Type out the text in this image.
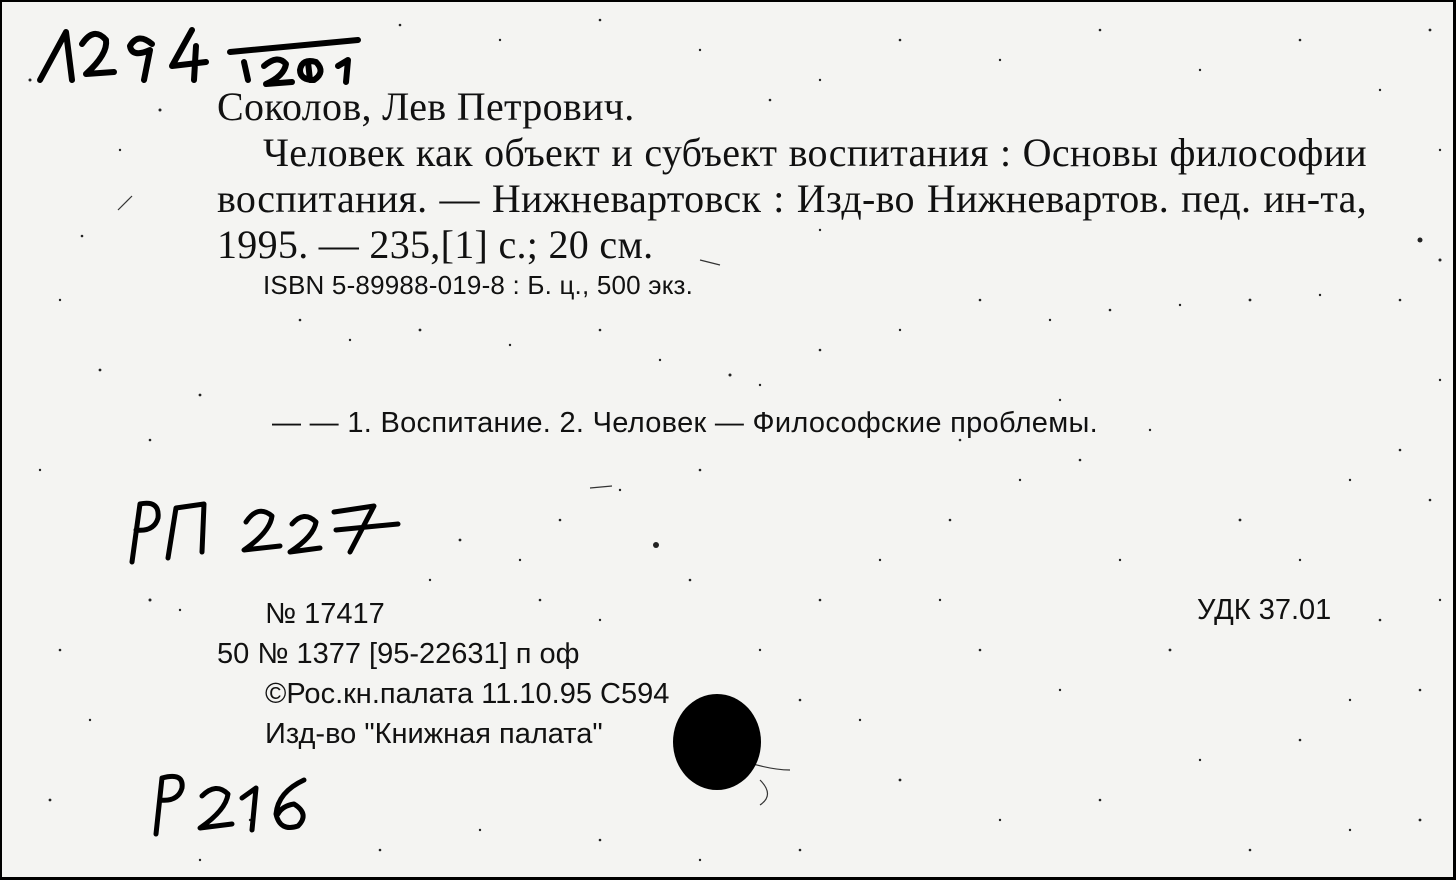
Соколов, Лев Петрович.
Человек как объект и субъект воспитания : Основы философии воспитания. — Нижневартовск : Изд-во Нижневартов. пед. ин-та, 1995. — 235,[1] с.; 20 см.
ISBN 5-89988-019-8 : Б. ц., 500 экз.
— — 1. Воспитание. 2. Человек — Философские проблемы.
№ 17417
50 № 1377 [95-22631] п оф
©Рос.кн.палата 11.10.95 С594
Изд-во "Книжная палата"
УДК 37.01
